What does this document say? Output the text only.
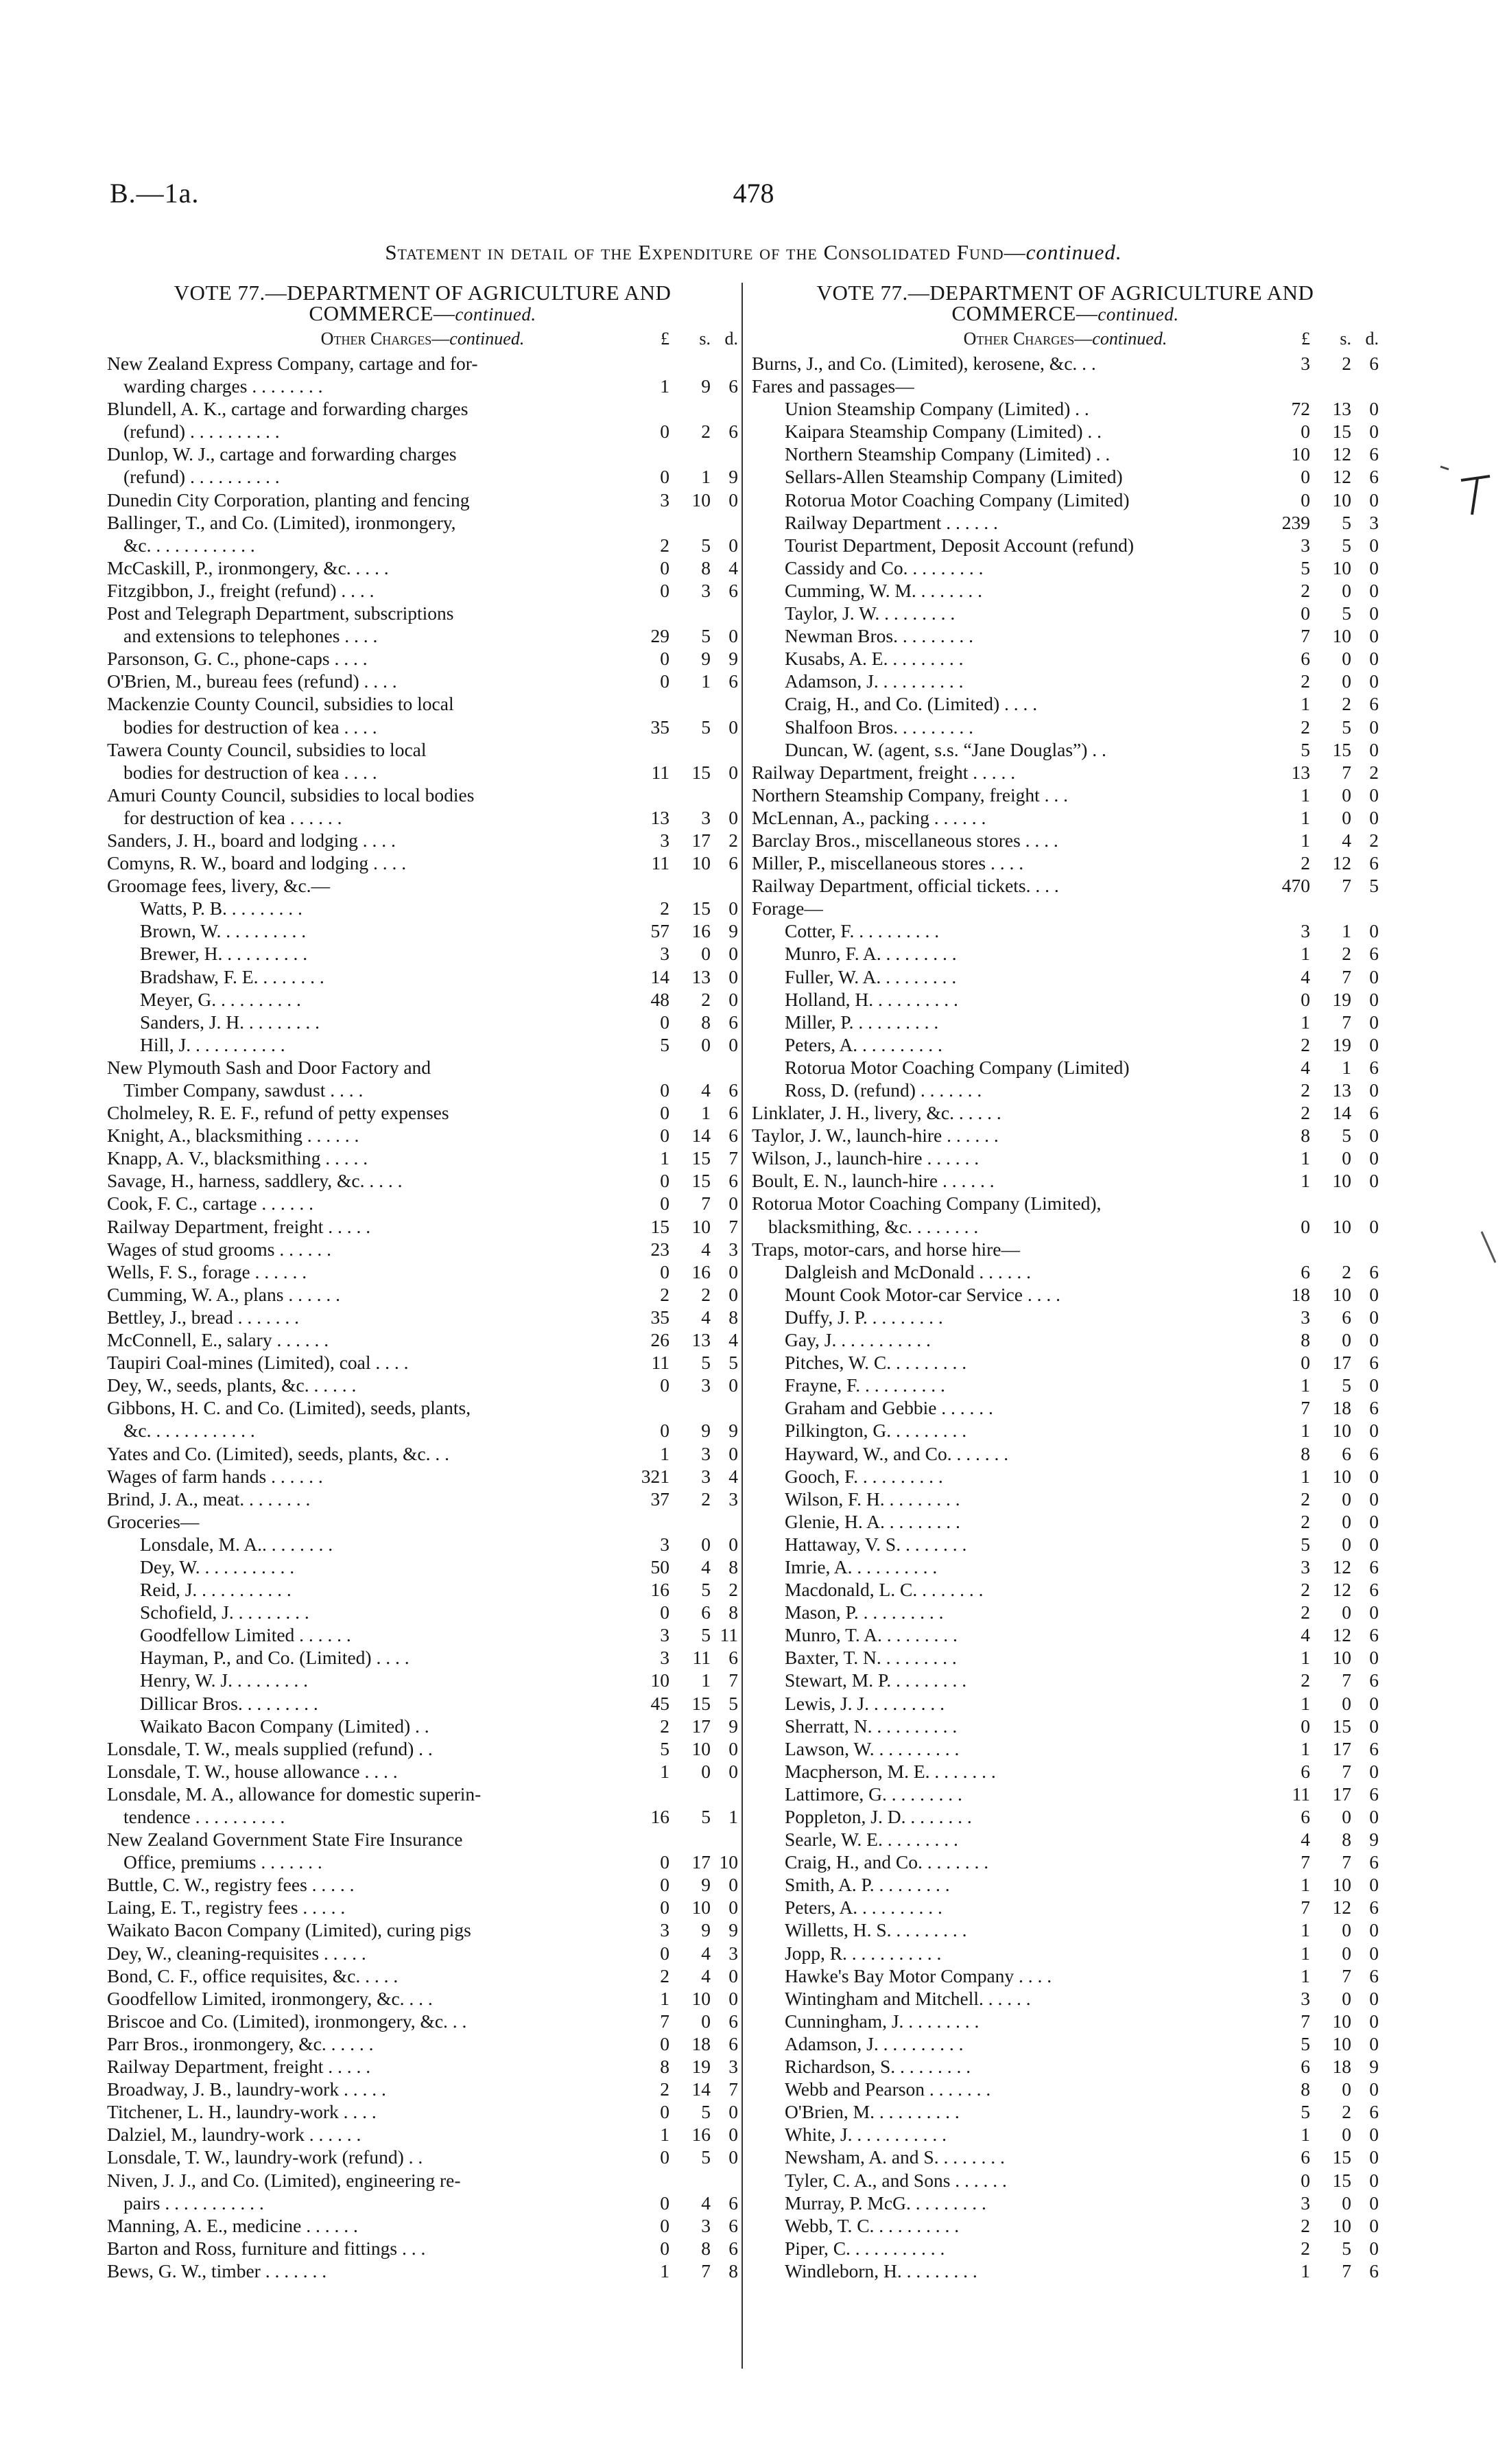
B.—1a.	478
Statement in detail of the Expenditure of the Consolidated Fund—continued.
VOTE 77.—DEPARTMENT OF AGRICULTURE AND
COMMERCE—continued.
Other Charges—continued.	£ s. d.
New Zealand Express Company, cartage and for-
warding charges . . . . . . . .	1	9 6
Blundell, A. K., cartage and forwarding charges
(refund) . . . . . . . . . .	0	2 6
Dunlop, W. J., cartage and forwarding charges
(refund) . . . . . . . . . .	0	1 9
Dunedin City Corporation, planting and fencing	3	10 0
Ballinger, T., and Co. (Limited), ironmongery,
&c. . . . . . . . . . . .	2	5 0
McCaskill, P., ironmongery, &c. . . . .	0	8 4
Fitzgibbon, J., freight (refund) . . . .	0	3 6
Post and Telegraph Department, subscriptions
and extensions to telephones . . . .	29	5 0
Parsonson, G. C., phone-caps . . . .	0	9 9
O'Brien, M., bureau fees (refund) . . . .	0	1 6
Mackenzie County Council, subsidies to local
bodies for destruction of kea . . . .	35	5 0
Tawera County Council, subsidies to local
bodies for destruction of kea . . . .	11	15 0
Amuri County Council, subsidies to local bodies
for destruction of kea . . . . . .	13	3 0
Sanders, J. H., board and lodging . . . .	3	17 2
Comyns, R. W., board and lodging . . . .	11	10 6
Groomage fees, livery, &c.—
Watts, P. B. . . . . . . . .	2	15 0
Brown, W. . . . . . . . . .	57	16 9
Brewer, H. . . . . . . . . .	3	0 0
Bradshaw, F. E. . . . . . . .	14	13 0
Meyer, G. . . . . . . . . .	48	2 0
Sanders, J. H. . . . . . . . .	0	8 6
Hill, J. . . . . . . . . . .	5	0 0
New Plymouth Sash and Door Factory and
Timber Company, sawdust . . . .	0	4 6
Cholmeley, R. E. F., refund of petty expenses	0	1 6
Knight, A., blacksmithing . . . . . .	0	14 6
Knapp, A. V., blacksmithing . . . . .	1	15 7
Savage, H., harness, saddlery, &c. . . . .	0	15 6
Cook, F. C., cartage . . . . . .	0	7 0
Railway Department, freight . . . . .	15	10 7
Wages of stud grooms . . . . . .	23	4 3
Wells, F. S., forage . . . . . .	0	16 0
Cumming, W. A., plans . . . . . .	2	2 0
Bettley, J., bread . . . . . . .	35	4 8
McConnell, E., salary . . . . . .	26	13 4
Taupiri Coal-mines (Limited), coal . . . .	11	5 5
Dey, W., seeds, plants, &c. . . . . .	0	3 0
Gibbons, H. C. and Co. (Limited), seeds, plants,
&c. . . . . . . . . . . .	0	9 9
Yates and Co. (Limited), seeds, plants, &c. . .	1	3 0
Wages of farm hands . . . . . .	321	3 4
Brind, J. A., meat. . . . . . . .	37	2 3
Groceries—
Lonsdale, M. A.. . . . . . . .	3	0 0
Dey, W. . . . . . . . . . .	50	4 8
Reid, J. . . . . . . . . . .	16	5 2
Schofield, J. . . . . . . . .	0	6 8
Goodfellow Limited . . . . . .	3	5 11
Hayman, P., and Co. (Limited) . . . .	3	11 6
Henry, W. J. . . . . . . . .	10	1 7
Dillicar Bros. . . . . . . . .	45	15 5
Waikato Bacon Company (Limited) . .	2	17 9
Lonsdale, T. W., meals supplied (refund) . .	5	10 0
Lonsdale, T. W., house allowance . . . .	1	0 0
Lonsdale, M. A., allowance for domestic superin-
tendence . . . . . . . . . .	16	5 1
New Zealand Government State Fire Insurance
Office, premiums . . . . . . .	0	17 10
Buttle, C. W., registry fees . . . . .	0	9 0
Laing, E. T., registry fees . . . . .	0	10 0
Waikato Bacon Company (Limited), curing pigs	3	9 9
Dey, W., cleaning-requisites . . . . .	0	4 3
Bond, C. F., office requisites, &c. . . . .	2	4 0
Goodfellow Limited, ironmongery, &c. . . .	1	10 0
Briscoe and Co. (Limited), ironmongery, &c. . .	7	0 6
Parr Bros., ironmongery, &c. . . . . .	0	18 6
Railway Department, freight . . . . .	8	19 3
Broadway, J. B., laundry-work . . . . .	2	14 7
Titchener, L. H., laundry-work . . . .	0	5 0
Dalziel, M., laundry-work . . . . . .	1	16 0
Lonsdale, T. W., laundry-work (refund) . .	0	5 0
Niven, J. J., and Co. (Limited), engineering re-
pairs . . . . . . . . . . .	0	4 6
Manning, A. E., medicine . . . . . .	0	3 6
Barton and Ross, furniture and fittings . . .	0	8 6
Bews, G. W., timber . . . . . . .	1	7 8
VOTE 77.—DEPARTMENT OF AGRICULTURE AND
COMMERCE—continued.
Other Charges—continued.	£ s. d.
Burns, J., and Co. (Limited), kerosene, &c. . .	3	2 6
Fares and passages—
Union Steamship Company (Limited) . .	72	13 0
Kaipara Steamship Company (Limited) . .	0	15 0
Northern Steamship Company (Limited) . .	10	12 6
Sellars-Allen Steamship Company (Limited)	0	12 6
Rotorua Motor Coaching Company (Limited)	0	10 0
Railway Department . . . . . .	239	5 3
Tourist Department, Deposit Account (refund)	3	5 0
Cassidy and Co. . . . . . . . .	5	10 0
Cumming, W. M. . . . . . . .	2	0 0
Taylor, J. W. . . . . . . . .	0	5 0
Newman Bros. . . . . . . . .	7	10 0
Kusabs, A. E. . . . . . . . .	6	0 0
Adamson, J. . . . . . . . . .	2	0 0
Craig, H., and Co. (Limited) . . . .	1	2 6
Shalfoon Bros. . . . . . . . .	2	5 0
Duncan, W. (agent, s.s. “Jane Douglas”) . .	5	15 0
Railway Department, freight . . . . .	13	7 2
Northern Steamship Company, freight . . .	1	0 0
McLennan, A., packing . . . . . .	1	0 0
Barclay Bros., miscellaneous stores . . . .	1	4 2
Miller, P., miscellaneous stores . . . .	2	12 6
Railway Department, official tickets. . . .	470	7 5
Forage—
Cotter, F. . . . . . . . . .	3	1 0
Munro, F. A. . . . . . . . .	1	2 6
Fuller, W. A. . . . . . . . .	4	7 0
Holland, H. . . . . . . . . .	0	19 0
Miller, P. . . . . . . . . .	1	7 0
Peters, A. . . . . . . . . .	2	19 0
Rotorua Motor Coaching Company (Limited)	4	1 6
Ross, D. (refund) . . . . . . .	2	13 0
Linklater, J. H., livery, &c. . . . . .	2	14 6
Taylor, J. W., launch-hire . . . . . .	8	5 0
Wilson, J., launch-hire . . . . . .	1	0 0
Boult, E. N., launch-hire . . . . . .	1	10 0
Rotorua Motor Coaching Company (Limited),
blacksmithing, &c. . . . . . . .	0	10 0
Traps, motor-cars, and horse hire—
Dalgleish and McDonald . . . . . .	6	2 6
Mount Cook Motor-car Service . . . .	18	10 0
Duffy, J. P. . . . . . . . .	3	6 0
Gay, J. . . . . . . . . . .	8	0 0
Pitches, W. C. . . . . . . . .	0	17 6
Frayne, F. . . . . . . . . .	1	5 0
Graham and Gebbie . . . . . .	7	18 6
Pilkington, G. . . . . . . . .	1	10 0
Hayward, W., and Co. . . . . . .	8	6 6
Gooch, F. . . . . . . . . .	1	10 0
Wilson, F. H. . . . . . . . .	2	0 0
Glenie, H. A. . . . . . . . .	2	0 0
Hattaway, V. S. . . . . . . .	5	0 0
Imrie, A. . . . . . . . . .	3	12 6
Macdonald, L. C. . . . . . . .	2	12 6
Mason, P. . . . . . . . . .	2	0 0
Munro, T. A. . . . . . . . .	4	12 6
Baxter, T. N. . . . . . . . .	1	10 0
Stewart, M. P. . . . . . . . .	2	7 6
Lewis, J. J. . . . . . . . .	1	0 0
Sherratt, N. . . . . . . . . .	0	15 0
Lawson, W. . . . . . . . . .	1	17 6
Macpherson, M. E. . . . . . . .	6	7 0
Lattimore, G. . . . . . . . .	11	17 6
Poppleton, J. D. . . . . . . .	6	0 0
Searle, W. E. . . . . . . . .	4	8 9
Craig, H., and Co. . . . . . . .	7	7 6
Smith, A. P. . . . . . . . .	1	10 0
Peters, A. . . . . . . . . .	7	12 6
Willetts, H. S. . . . . . . . .	1	0 0
Jopp, R. . . . . . . . . . .	1	0 0
Hawke's Bay Motor Company . . . .	1	7 6
Wintingham and Mitchell. . . . . .	3	0 0
Cunningham, J. . . . . . . . .	7	10 0
Adamson, J. . . . . . . . . .	5	10 0
Richardson, S. . . . . . . . .	6	18 9
Webb and Pearson . . . . . . .	8	0 0
O'Brien, M. . . . . . . . . .	5	2 6
White, J. . . . . . . . . . .	1	0 0
Newsham, A. and S. . . . . . . .	6	15 0
Tyler, C. A., and Sons . . . . . .	0	15 0
Murray, P. McG. . . . . . . . .	3	0 0
Webb, T. C. . . . . . . . . .	2	10 0
Piper, C. . . . . . . . . . .	2	5 0
Windleborn, H. . . . . . . . .	1	7 6
